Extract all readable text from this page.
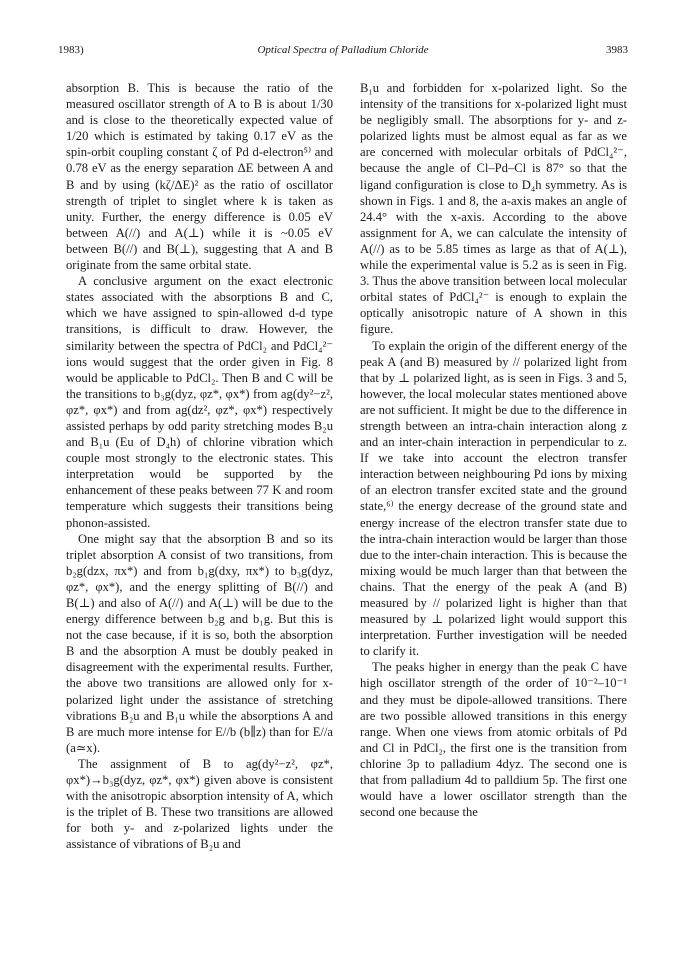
1983)	Optical Spectra of Palladium Chloride	3983

absorption B. This is because the ratio of the measured oscillator strength of A to B is about 1/30 and is close to the theoretically expected value of 1/20 which is estimated by taking 0.17 eV as the spin-orbit coupling constant ζ of Pd d-electron⁵⁾ and 0.78 eV as the energy separation ΔE between A and B and by using (kζ/ΔE)² as the ratio of oscillator strength of triplet to singlet where k is taken as unity. Further, the energy difference is 0.05 eV between A(//) and A(⊥) while it is ~0.05 eV between B(//) and B(⊥), suggesting that A and B originate from the same orbital state.

A conclusive argument on the exact electronic states associated with the absorptions B and C, which we have assigned to spin-allowed d-d type transitions, is difficult to draw. However, the similarity between the spectra of PdCl₂ and PdCl₄²⁻ ions would suggest that the order given in Fig. 8 would be applicable to PdCl₂. Then B and C will be the transitions to b₃g(dyz, φz*, φx*) from ag(dy²−z², φz*, φx*) and from ag(dz², φz*, φx*) respectively assisted perhaps by odd parity stretching modes B₂u and B₁u (Eu of D₄h) of chlorine vibration which couple most strongly to the electronic states. This interpretation would be supported by the enhancement of these peaks between 77 K and room temperature which suggests their transitions being phonon-assisted.

One might say that the absorption B and so its triplet absorption A consist of two transitions, from b₂g(dzx, πx*) and from b₁g(dxy, πx*) to b₃g(dyz, φz*, φx*), and the energy splitting of B(//) and B(⊥) and also of A(//) and A(⊥) will be due to the energy difference between b₂g and b₁g. But this is not the case because, if it is so, both the absorption B and the absorption A must be doubly peaked in disagreement with the experimental results. Further, the above two transitions are allowed only for x-polarized light under the assistance of stretching vibrations B₂u and B₁u while the absorptions A and B are much more intense for E//b (b∥z) than for E//a (a≃x).

The assignment of B to ag(dy²−z², φz*, φx*)→b₃g(dyz, φz*, φx*) given above is consistent with the anisotropic absorption intensity of A, which is the triplet of B. These two transitions are allowed for both y- and z-polarized lights under the assistance of vibrations of B₂u and

B₁u and forbidden for x-polarized light. So the intensity of the transitions for x-polarized light must be negligibly small. The absorptions for y- and z-polarized lights must be almost equal as far as we are concerned with molecular orbitals of PdCl₄²⁻, because the angle of Cl–Pd–Cl is 87° so that the ligand configuration is close to D₄h symmetry. As is shown in Figs. 1 and 8, the a-axis makes an angle of 24.4° with the x-axis. According to the above assignment for A, we can calculate the intensity of A(//) as to be 5.85 times as large as that of A(⊥), while the experimental value is 5.2 as is seen in Fig. 3. Thus the above transition between local molecular orbital states of PdCl₄²⁻ is enough to explain the optically anisotropic nature of A shown in this figure.

To explain the origin of the different energy of the peak A (and B) measured by // polarized light from that by ⊥ polarized light, as is seen in Figs. 3 and 5, however, the local molecular states mentioned above are not sufficient. It might be due to the difference in strength between an intra-chain interaction along z and an inter-chain interaction in perpendicular to z. If we take into account the electron transfer interaction between neighbouring Pd ions by mixing of an electron transfer excited state and the ground state,⁶⁾ the energy decrease of the ground state and energy increase of the electron transfer state due to the intra-chain interaction would be larger than those due to the inter-chain interaction. This is because the mixing would be much larger than that between the chains. That the energy of the peak A (and B) measured by // polarized light is higher than that measured by ⊥ polarized light would support this interpretation. Further investigation will be needed to clarify it.

The peaks higher in energy than the peak C have high oscillator strength of the order of 10⁻²–10⁻¹ and they must be dipole-allowed transitions. There are two possible allowed transitions in this energy range. When one views from atomic orbitals of Pd and Cl in PdCl₂, the first one is the transition from chlorine 3p to palladium 4dyz. The second one is that from palladium 4d to palldium 5p. The first one would have a lower oscillator strength than the second one because the
